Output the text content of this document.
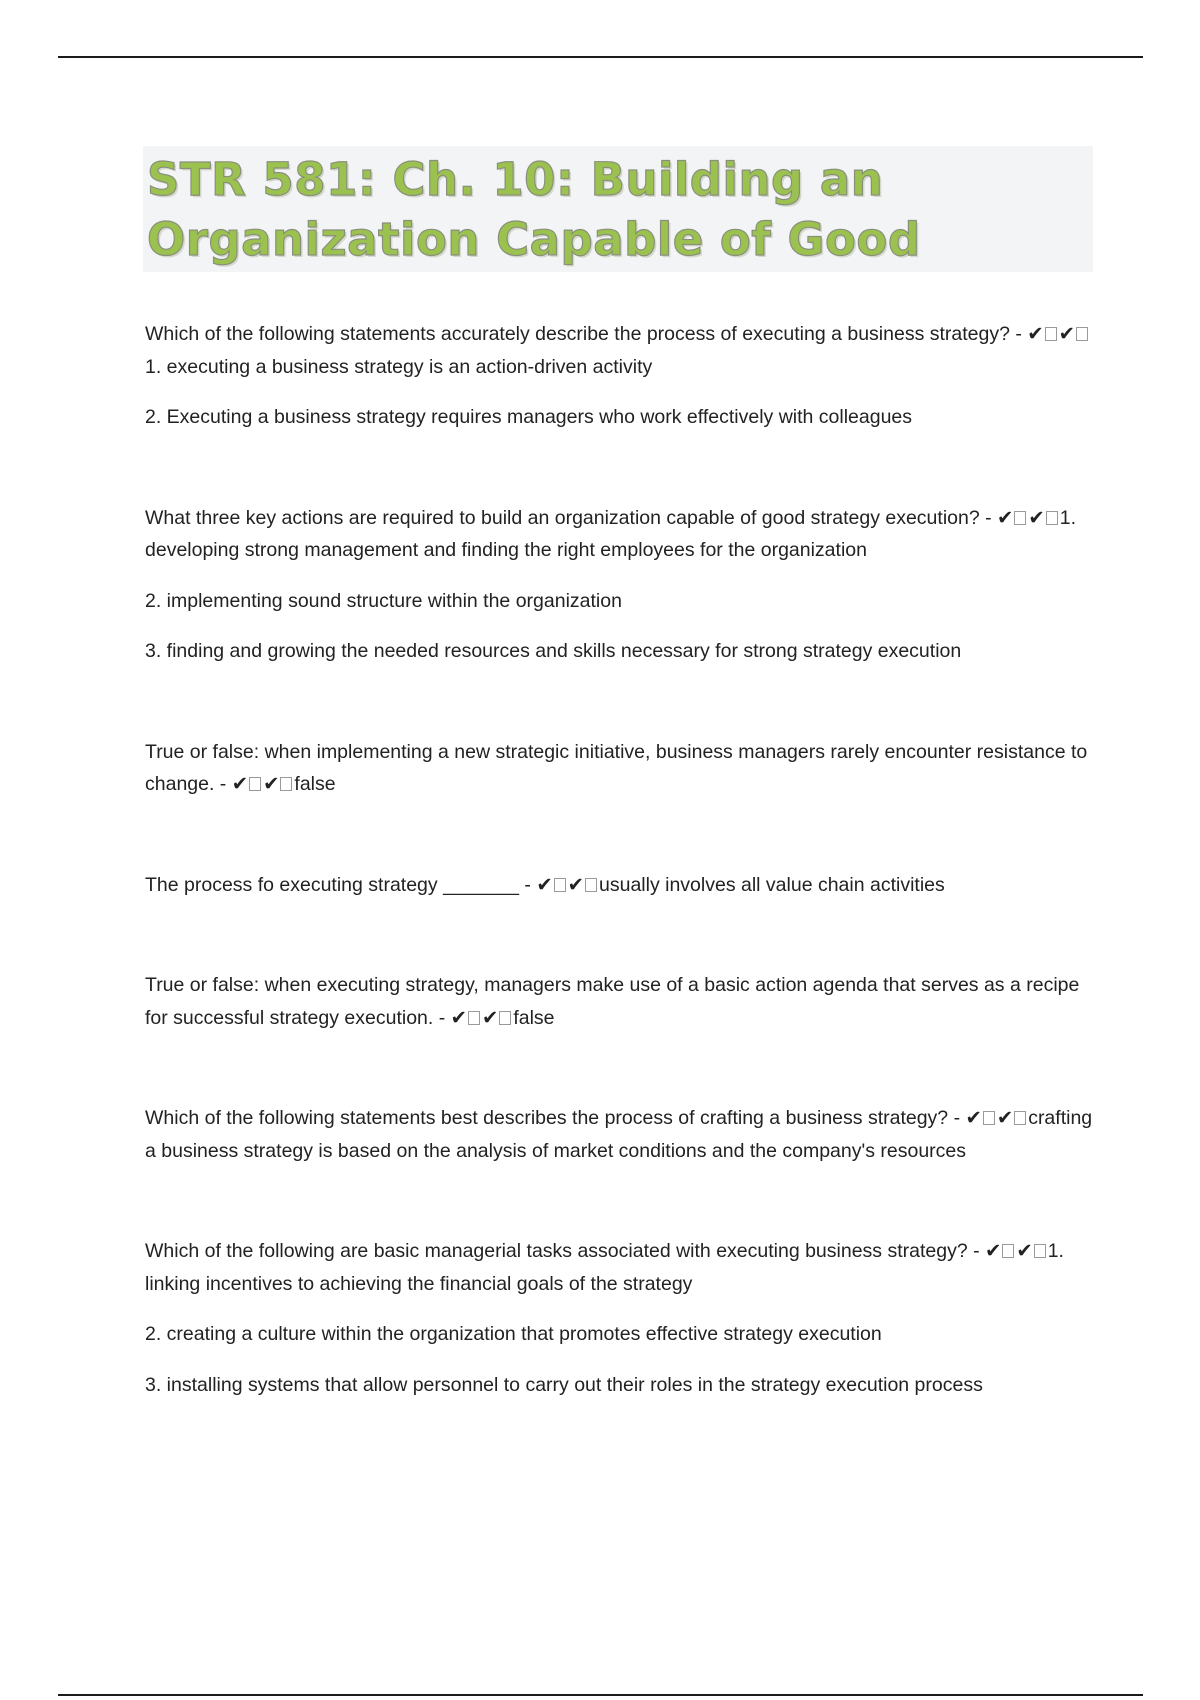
STR 581: Ch. 10: Building an
Organization Capable of Good

Which of the following statements accurately describe the process of executing a business strategy? - ✔ ✔1. executing a business strategy is an action-driven activity

2. Executing a business strategy requires managers who work effectively with colleagues

What three key actions are required to build an organization capable of good strategy execution? - ✔ ✔ 1. developing strong management and finding the right employees for the organization

2. implementing sound structure within the organization

3. finding and growing the needed resources and skills necessary for strong strategy execution

True or false: when implementing a new strategic initiative, business managers rarely encounter resistance to change. - ✔ ✔ false

The process fo executing strategy _______ - ✔ ✔ usually involves all value chain activities

True or false: when executing strategy, managers make use of a basic action agenda that serves as a recipe for successful strategy execution. - ✔ ✔ false

Which of the following statements best describes the process of crafting a business strategy? - ✔ ✔ crafting a business strategy is based on the analysis of market conditions and the company's resources

Which of the following are basic managerial tasks associated with executing business strategy? - ✔ ✔ 1. linking incentives to achieving the financial goals of the strategy

2. creating a culture within the organization that promotes effective strategy execution

3. installing systems that allow personnel to carry out their roles in the strategy execution process
